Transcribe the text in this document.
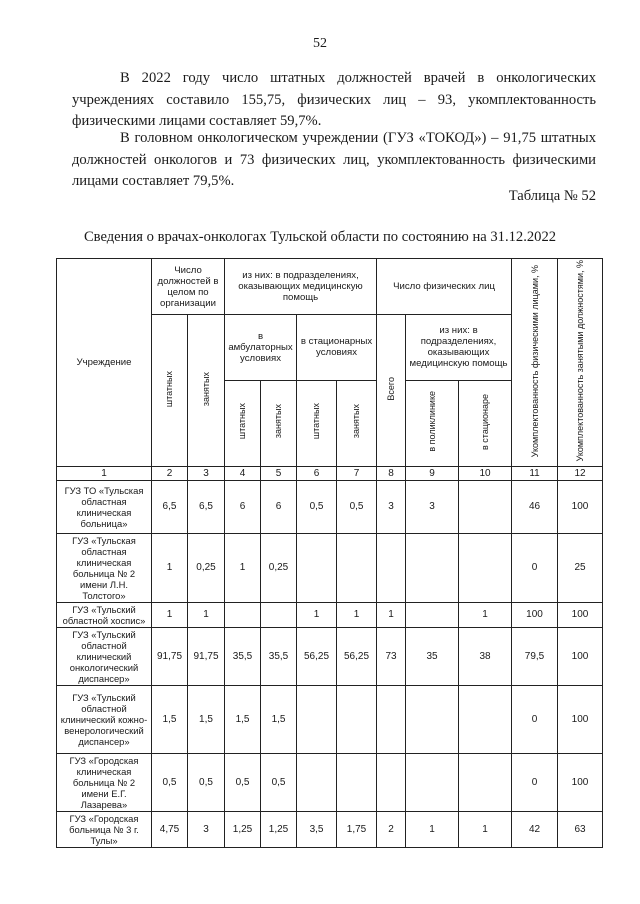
52

В 2022 году число штатных должностей врачей в онкологических учреждениях составило 155,75, физических лиц – 93, укомплектованность физическими лицами составляет 59,7%.

В головном онкологическом учреждении (ГУЗ «ТОКОД») – 91,75 штатных должностей онкологов и 73 физических лиц, укомплектованность физическими лицами составляет 79,5%.

Таблица № 52
Сведения о врачах-онкологах Тульской области по состоянию на 31.12.2022
Учреждение	Число должностей в целом по организации		из них: в подразделениях, оказывающих медицинскую помощь				Число физических лиц			Укомплектованность физическими лицами, %	Укомплектованность занятыми должностями, %
	штатных	занятых	в амбулаторных условиях		в стационарных условиях		Всего	из них: в подразделениях, оказывающих медицинскую помощь			
			штатных	занятых	штатных	занятых		в поликлинике	в стационаре		
1	2	3	4	5	6	7	8	9	10	11	12
ГУЗ ТО «Тульская областная клиническая больница»	6,5	6,5	6	6	0,5	0,5	3	3		46	100
ГУЗ «Тульская областная клиническая больница № 2 имени Л.Н. Толстого»	1	0,25	1	0,25						0	25
ГУЗ «Тульский областной хоспис»	1	1			1	1	1		1	100	100
ГУЗ «Тульский областной клинический онкологический диспансер»	91,75	91,75	35,5	35,5	56,25	56,25	73	35	38	79,5	100
ГУЗ «Тульский областной клинический кожно-венерологический диспансер»	1,5	1,5	1,5	1,5						0	100
ГУЗ «Городская клиническая больница № 2 имени Е.Г. Лазарева»	0,5	0,5	0,5	0,5						0	100
ГУЗ «Городская больница № 3 г. Тулы»	4,75	3	1,25	1,25	3,5	1,75	2	1	1	42	63
